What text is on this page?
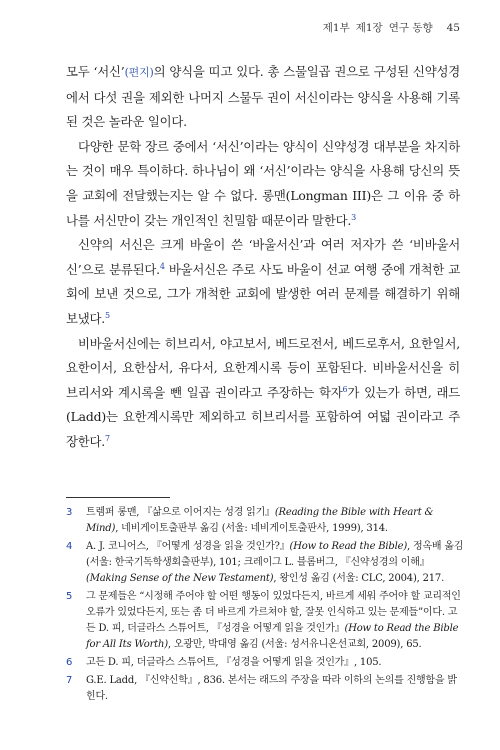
제1부 제1장 연구 동향 45

모두 ‘서신’(편지)의 양식을 띠고 있다. 총 스물일곱 권으로 구성된 신약성경에서 다섯 권을 제외한 나머지 스물두 권이 서신이라는 양식을 사용해 기록된 것은 놀라운 일이다.

다양한 문학 장르 중에서 ‘서신’이라는 양식이 신약성경 대부분을 차지하는 것이 매우 특이하다. 하나님이 왜 ‘서신’이라는 양식을 사용해 당신의 뜻을 교회에 전달했는지는 알 수 없다. 롱맨(Longman III)은 그 이유 중 하나를 서신만이 갖는 개인적인 친밀함 때문이라 말한다.$^3$

신약의 서신은 크게 바울이 쓴 ‘바울서신’과 여러 저자가 쓴 ‘비바울서신’으로 분류된다.$^4$ 바울서신은 주로 사도 바울이 선교 여행 중에 개척한 교회에 보낸 것으로, 그가 개척한 교회에 발생한 여러 문제를 해결하기 위해 보냈다.$^5$

비바울서신에는 히브리서, 야고보서, 베드로전서, 베드로후서, 요한일서, 요한이서, 요한삼서, 유다서, 요한계시록 등이 포함된다. 비바울서신을 히브리서와 계시록을 뺀 일곱 권이라고 주장하는 학자$^6$가 있는가 하면, 래드(Ladd)는 요한계시록만 제외하고 히브리서를 포함하여 여덟 권이라고 주장한다.$^7$

3	트렘퍼 롱맨, 『삶으로 이어지는 성경 읽기』(Reading the Bible with Heart & Mind), 네비게이토출판부 옮김 (서울: 네비게이토출판사, 1999), 314.
4	A. J. 코니어스, 『어떻게 성경을 읽을 것인가?』(How to Read the Bible), 정옥배 옮김 (서울: 한국기독학생회출판부), 101; 크레이그 L. 블롬버그, 『신약성경의 이해』(Making Sense of the New Testament), 왕인성 옮김 (서울: CLC, 2004), 217.
5	그 문제들은 “시정해 주어야 할 어떤 행동이 있었다든지, 바르게 세워 주어야 할 교리적인 오류가 있었다든지, 또는 좀 더 바르게 가르쳐야 할, 잘못 인식하고 있는 문제들”이다. 고든 D. 피, 더글라스 스튜어트, 『성경을 어떻게 읽을 것인가』(How to Read the Bible for All Its Worth), 오광만, 박대영 옮김 (서울: 성서유니온선교회, 2009), 65.
6	고든 D. 피, 더글라스 스튜어트, 『성경을 어떻게 읽을 것인가』, 105.
7	G.E. Ladd, 『신약신학』, 836. 본서는 래드의 주장을 따라 이하의 논의를 진행함을 밝힌다.
